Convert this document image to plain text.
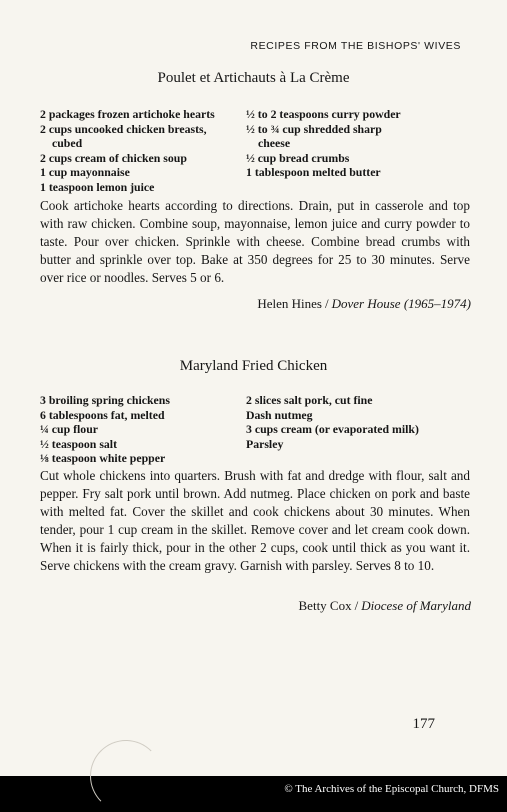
RECIPES FROM THE BISHOPS' WIVES
Poulet et Artichauts à La Crème
2 packages frozen artichoke hearts
2 cups uncooked chicken breasts,
cubed
2 cups cream of chicken soup
1 cup mayonnaise
1 teaspoon lemon juice
½ to 2 teaspoons curry powder
½ to ¾ cup shredded sharp
cheese
½ cup bread crumbs
1 tablespoon melted butter

Cook artichoke hearts according to directions. Drain, put in casserole and top with raw chicken. Combine soup, mayonnaise, lemon juice and curry powder to taste. Pour over chicken. Sprinkle with cheese. Combine bread crumbs with butter and sprinkle over top. Bake at 350 degrees for 25 to 30 minutes. Serve over rice or noodles. Serves 5 or 6.

Helen Hines / Dover House (1965–1974)

Maryland Fried Chicken
3 broiling spring chickens
6 tablespoons fat, melted
¼ cup flour
½ teaspoon salt
⅛ teaspoon white pepper
2 slices salt pork, cut fine
Dash nutmeg
3 cups cream (or evaporated milk)
Parsley

Cut whole chickens into quarters. Brush with fat and dredge with flour, salt and pepper. Fry salt pork until brown. Add nutmeg. Place chicken on pork and baste with melted fat. Cover the skillet and cook chickens about 30 minutes. When tender, pour 1 cup cream in the skillet. Remove cover and let cream cook down. When it is fairly thick, pour in the other 2 cups, cook until thick as you want it. Serve chickens with the cream gravy. Garnish with parsley. Serves 8 to 10.

Betty Cox / Diocese of Maryland

177
© The Archives of the Episcopal Church, DFMS
